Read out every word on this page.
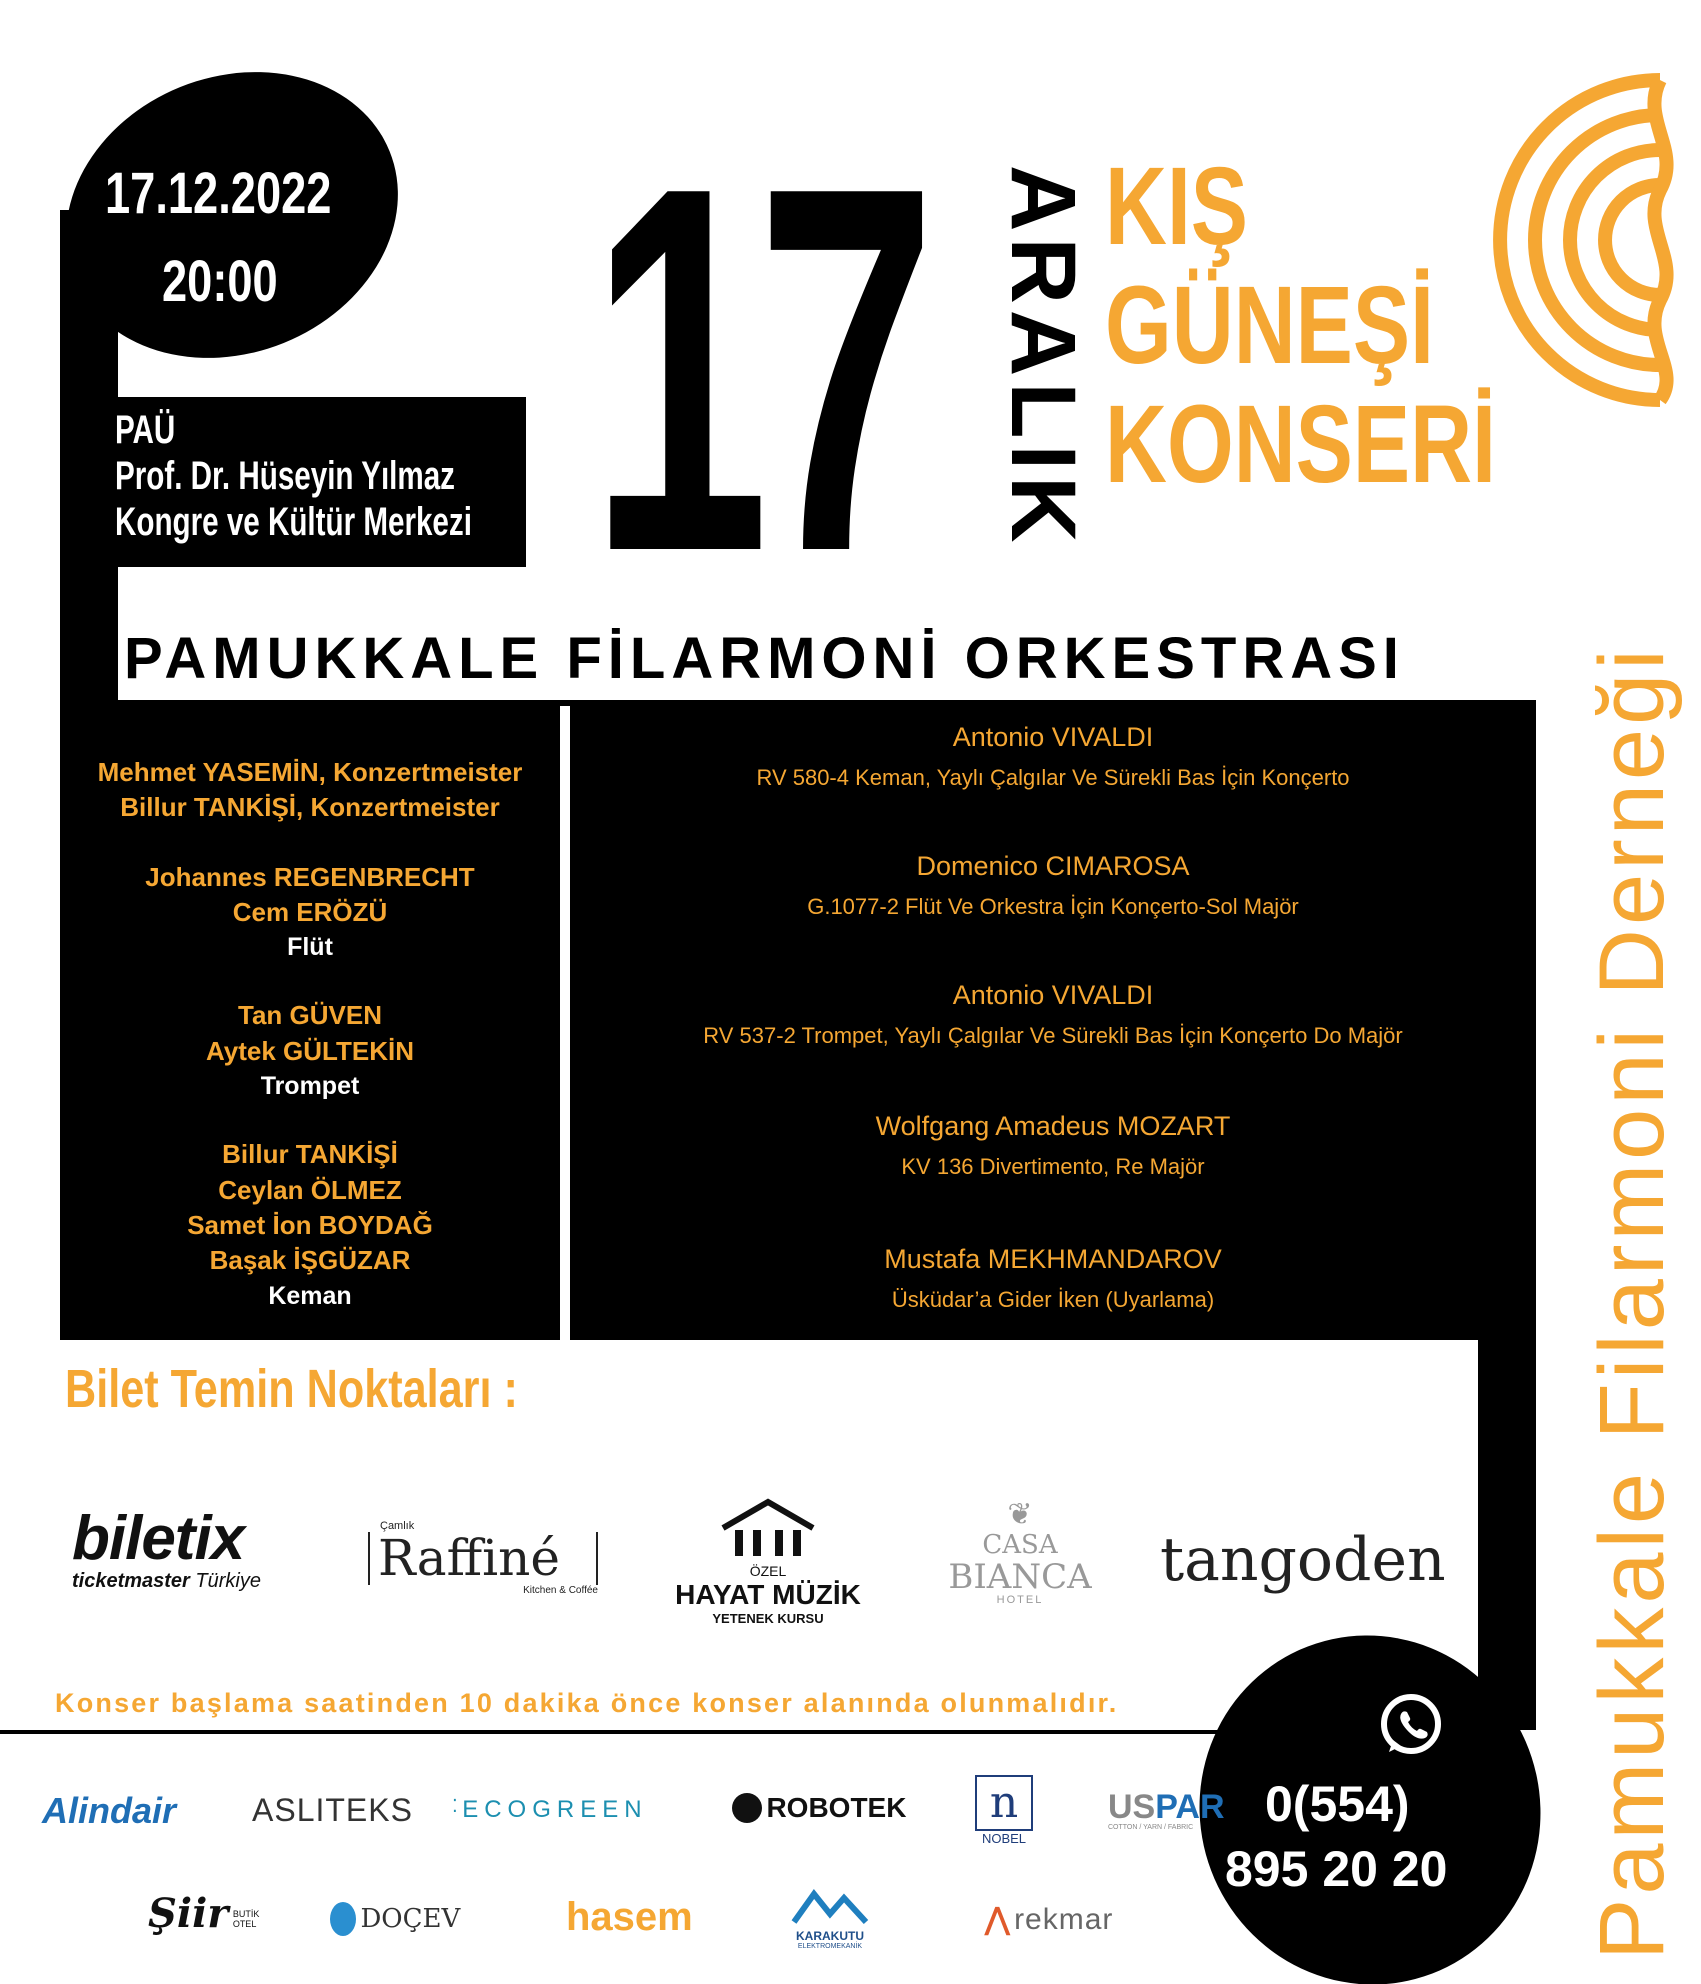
17.12.2022
20:00
PAÜ
Prof. Dr. Hüseyin Yılmaz
Kongre ve Kültür Merkezi 17 ARALIK KIŞ
GÜNEŞİ
KONSERİ
Pamukkale Filarmoni Derneği
PAMUKKALE FİLARMONİ ORKESTRASI
Mehmet YASEMİN, Konzertmeister
Billur TANKİŞİ, Konzertmeister
Johannes REGENBRECHT
Cem ERÖZÜ
Flüt
Tan GÜVEN
Aytek GÜLTEKİN
Trompet
Billur TANKİŞİ
Ceylan ÖLMEZ
Samet İon BOYDAĞ
Başak İŞGÜZAR
Keman
Antonio VIVALDI
RV 580-4 Keman, Yaylı Çalgılar Ve Sürekli Bas İçin Konçerto
Domenico CIMAROSA
G.1077-2 Flüt Ve Orkestra İçin Konçerto-Sol Majör
Antonio VIVALDI
RV 537-2 Trompet, Yaylı Çalgılar Ve Sürekli Bas İçin Konçerto Do Majör
Wolfgang Amadeus MOZART
KV 136 Divertimento, Re Majör
Mustafa MEKHMANDAROV
Üsküdar’a Gider İken (Uyarlama)
Bilet Temin Noktaları :
biletix
ticketmaster Türkiye
Çamlık
Raffiné
Kitchen & Coffée
ÖZEL
HAYAT MÜZİK
YETENEK KURSU
❦
CASA
BIANCA
HOTEL
tangoden
Konser başlama saatinden 10 dakika önce konser alanında olunmalıdır.
0(554)
895 20 20
Alindair ASLITEKS ⁚ ECOGREEN	ROBOTEK	n
NOBEL
USPAR
COTTON / YARN / FABRIC
Şiir BUTİK OTEL	DOÇEV	hasem	KARAKUTU
ELEKTROMEKANİK
⋀ rekmar
